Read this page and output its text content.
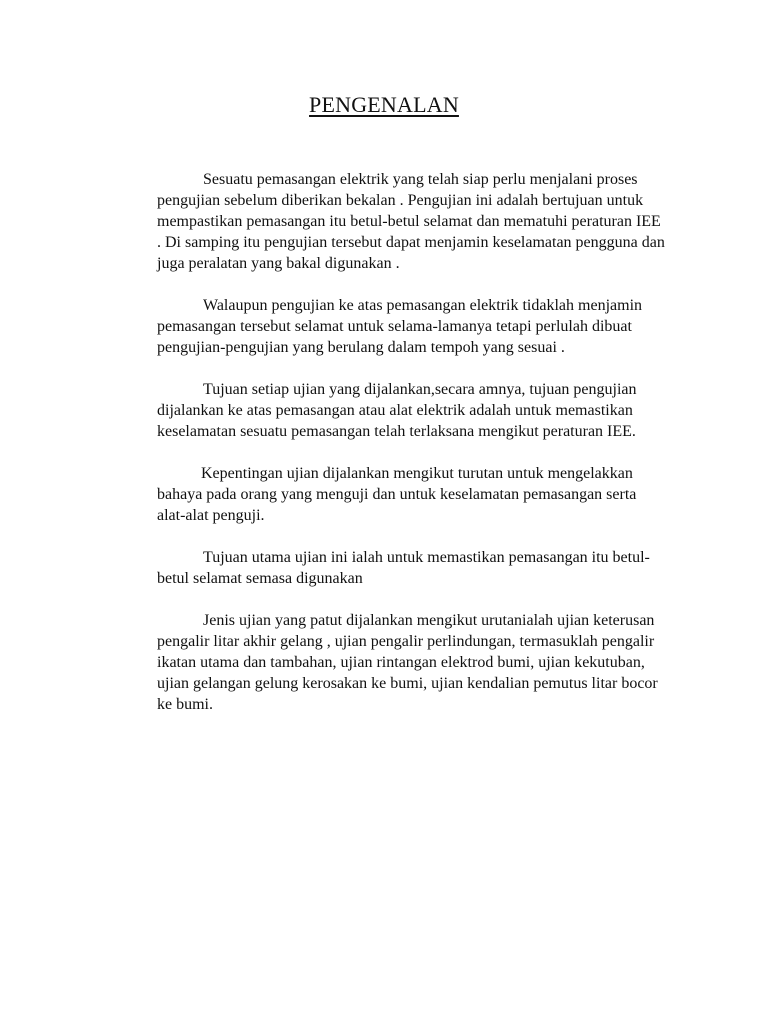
PENGENALAN

Sesuatu pemasangan elektrik yang telah siap perlu menjalani proses pengujian sebelum diberikan bekalan . Pengujian ini adalah bertujuan untuk mempastikan pemasangan itu betul-betul selamat dan mematuhi peraturan IEE . Di samping itu pengujian tersebut dapat menjamin keselamatan pengguna dan juga peralatan yang bakal digunakan .

Walaupun pengujian ke atas pemasangan elektrik tidaklah menjamin pemasangan tersebut selamat untuk selama-lamanya tetapi perlulah dibuat pengujian-pengujian yang berulang dalam tempoh yang sesuai .

Tujuan setiap ujian yang dijalankan,secara amnya, tujuan pengujian dijalankan ke atas pemasangan atau alat elektrik adalah untuk memastikan keselamatan sesuatu pemasangan telah terlaksana mengikut peraturan IEE.

Kepentingan ujian dijalankan mengikut turutan untuk mengelakkan bahaya pada orang yang menguji dan untuk keselamatan pemasangan serta alat-alat penguji.

Tujuan utama ujian ini ialah untuk memastikan pemasangan itu betul-betul selamat semasa digunakan

Jenis ujian yang patut dijalankan mengikut urutanialah ujian keterusan pengalir litar akhir gelang , ujian pengalir perlindungan, termasuklah pengalir ikatan utama dan tambahan, ujian rintangan elektrod bumi, ujian kekutuban, ujian gelangan gelung kerosakan ke bumi, ujian kendalian pemutus litar bocor ke bumi.
